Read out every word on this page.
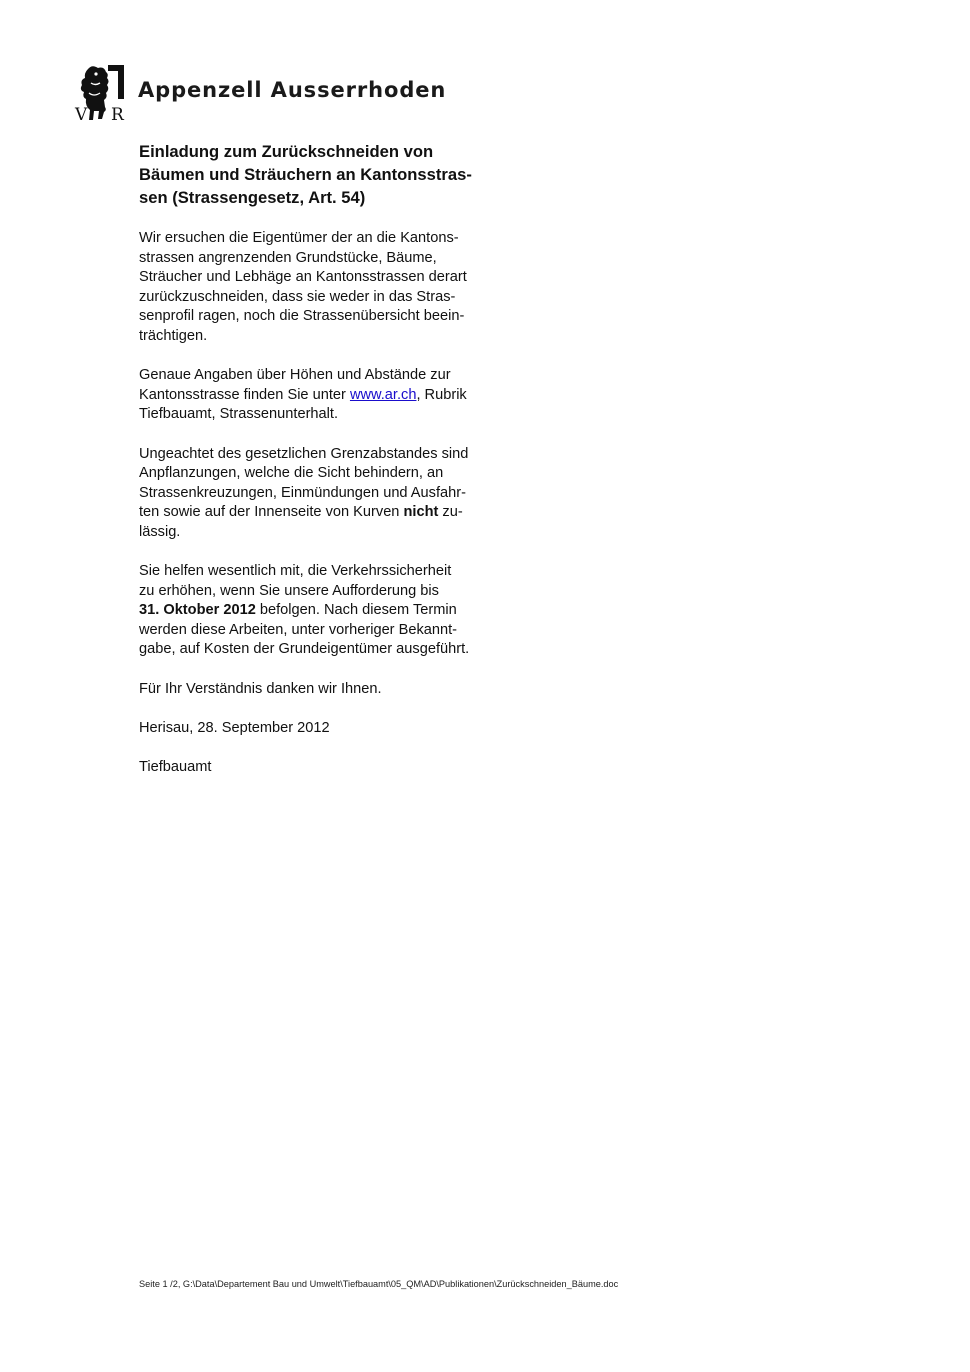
V R
Appenzell Ausserrhoden
Einladung zum Zurückschneiden von
Bäumen und Sträuchern an Kantonsstras-
sen (Strassengesetz, Art. 54)
Wir ersuchen die Eigentümer der an die Kantons-
strassen angrenzenden Grundstücke, Bäume,
Sträucher und Lebhäge an Kantonsstrassen derart
zurückzuschneiden, dass sie weder in das Stras-
senprofil ragen, noch die Strassenübersicht beein-
trächtigen.
Genaue Angaben über Höhen und Abstände zur
Kantonsstrasse finden Sie unter www.ar.ch, Rubrik
Tiefbauamt, Strassenunterhalt.
Ungeachtet des gesetzlichen Grenzabstandes sind
Anpflanzungen, welche die Sicht behindern, an
Strassenkreuzungen, Einmündungen und Ausfahr-
ten sowie auf der Innenseite von Kurven nicht zu-
lässig.
Sie helfen wesentlich mit, die Verkehrssicherheit
zu erhöhen, wenn Sie unsere Aufforderung bis
31. Oktober 2012 befolgen. Nach diesem Termin
werden diese Arbeiten, unter vorheriger Bekannt-
gabe, auf Kosten der Grundeigentümer ausgeführt.
Für Ihr Verständnis danken wir Ihnen.
Herisau, 28. September 2012
Tiefbauamt
Seite 1 /2, G:\Data\Departement Bau und Umwelt\Tiefbauamt\05_QM\AD\Publikationen\Zurückschneiden_Bäume.doc
